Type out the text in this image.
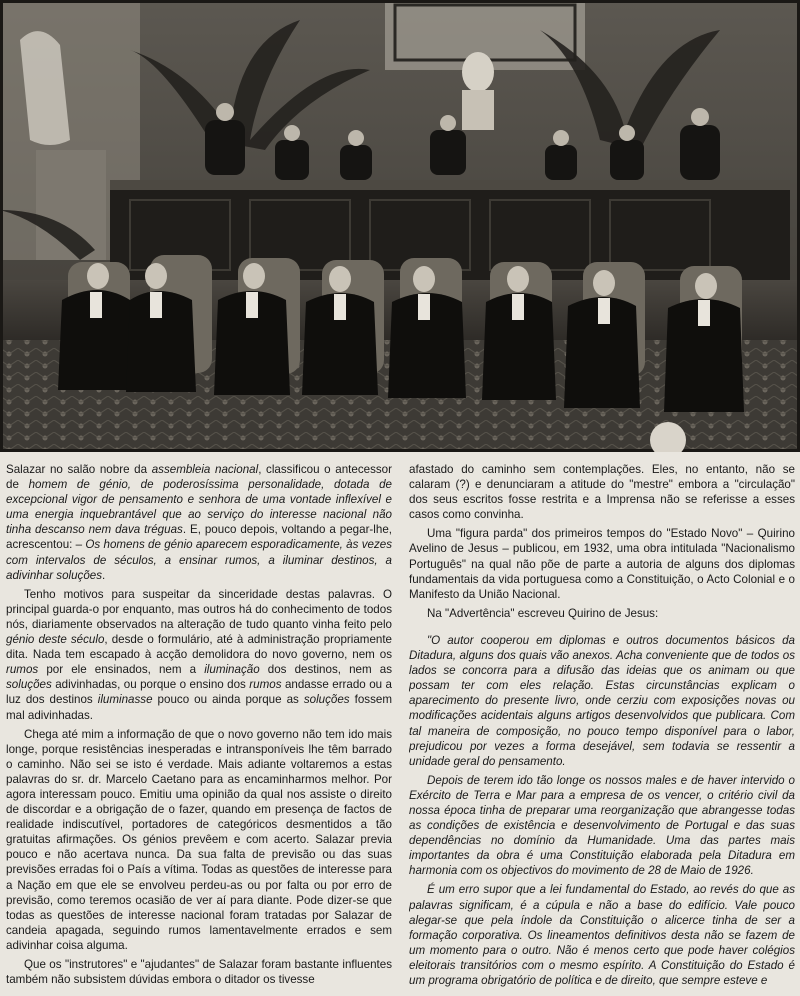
Salazar no salão nobre da assembleia nacional, classificou o antecessor de homem de génio, de poderosíssima personalidade, dotada de excepcional vigor de pensamento e senhora de uma vontade inflexível e uma energia inquebrantável que ao serviço do interesse nacional não tinha descanso nem dava tréguas. E, pouco depois, voltando a pegar-lhe, acrescentou: – Os homens de génio aparecem esporadicamente, às vezes com intervalos de séculos, a ensinar rumos, a iluminar destinos, a adivinhar soluções.

Tenho motivos para suspeitar da sinceridade destas palavras. O principal guarda-o por enquanto, mas outros há do conhecimento de todos nós, diariamente observados na alteração de tudo quanto vinha feito pelo génio deste século, desde o formulário, até à administração propriamente dita. Nada tem escapado à acção demolidora do novo governo, nem os rumos por ele ensinados, nem a iluminação dos destinos, nem as soluções adivinhadas, ou porque o ensino dos rumos andasse errado ou a luz dos destinos iluminasse pouco ou ainda porque as soluções fossem mal adivinhadas.

Chega até mim a informação de que o novo governo não tem ido mais longe, porque resistências inesperadas e intransponíveis lhe têm barrado o caminho. Não sei se isto é verdade. Mais adiante voltaremos a estas palavras do sr. dr. Marcelo Caetano para as encaminharmos melhor. Por agora interessam pouco. Emitiu uma opinião da qual nos assiste o direito de discordar e a obrigação de o fazer, quando em presença de factos de realidade indiscutível, portadores de categóricos desmentidos a tão gratuitas afirmações. Os génios prevêem e com acerto. Salazar previa pouco e não acertava nunca. Da sua falta de previsão ou das suas previsões erradas foi o País a vítima. Todas as questões de interesse para a Nação em que ele se envolveu perdeu-as ou por falta ou por erro de previsão, como teremos ocasião de ver aí para diante. Pode dizer-se que todas as questões de interesse nacional foram tratadas por Salazar de candeia apagada, seguindo rumos lamentavelmente errados e sem adivinhar coisa alguma.

Que os "instrutores" e "ajudantes" de Salazar foram bastante influentes também não subsistem dúvidas embora o ditador os tivesse

afastado do caminho sem contemplações. Eles, no entanto, não se calaram (?) e denunciaram a atitude do "mestre" embora a "circulação" dos seus escritos fosse restrita e a Imprensa não se referisse a esses casos como convinha.

Uma "figura parda" dos primeiros tempos do "Estado Novo" – Quirino Avelino de Jesus – publicou, em 1932, uma obra intitulada "Nacionalismo Português" na qual não põe de parte a autoria de alguns dos diplomas fundamentais da vida portuguesa como a Constituição, o Acto Colonial e o Manifesto da União Nacional.

Na "Advertência" escreveu Quirino de Jesus:

"O autor cooperou em diplomas e outros documentos básicos da Ditadura, alguns dos quais vão anexos. Acha conveniente que de todos os lados se concorra para a difusão das ideias que os animam ou que possam ter com eles relação. Estas circunstâncias explicam o aparecimento do presente livro, onde cerziu com exposições novas ou modificações acidentais alguns artigos desenvolvidos que publicara. Com tal maneira de composição, no pouco tempo disponível para o labor, prejudicou por vezes a forma desejável, sem todavia se ressentir a unidade geral do pensamento.

Depois de terem ido tão longe os nossos males e de haver intervido o Exército de Terra e Mar para a empresa de os vencer, o critério civil da nossa época tinha de preparar uma reorganização que abrangesse todas as condições de existência e desenvolvimento de Portugal e das suas dependências no domínio da Humanidade. Uma das partes mais importantes da obra é uma Constituição elaborada pela Ditadura em harmonia com os objectivos do movimento de 28 de Maio de 1926.

É um erro supor que a lei fundamental do Estado, ao revés do que as palavras significam, é a cúpula e não a base do edifício. Vale pouco alegar-se que pela índole da Constituição o alicerce tinha de ser a formação corporativa. Os lineamentos definitivos desta não se fazem de um momento para o outro. Não é menos certo que pode haver colégios eleitorais transitórios com o mesmo espírito. A Constituição do Estado é um programa obrigatório de política e de direito, que sempre esteve e
